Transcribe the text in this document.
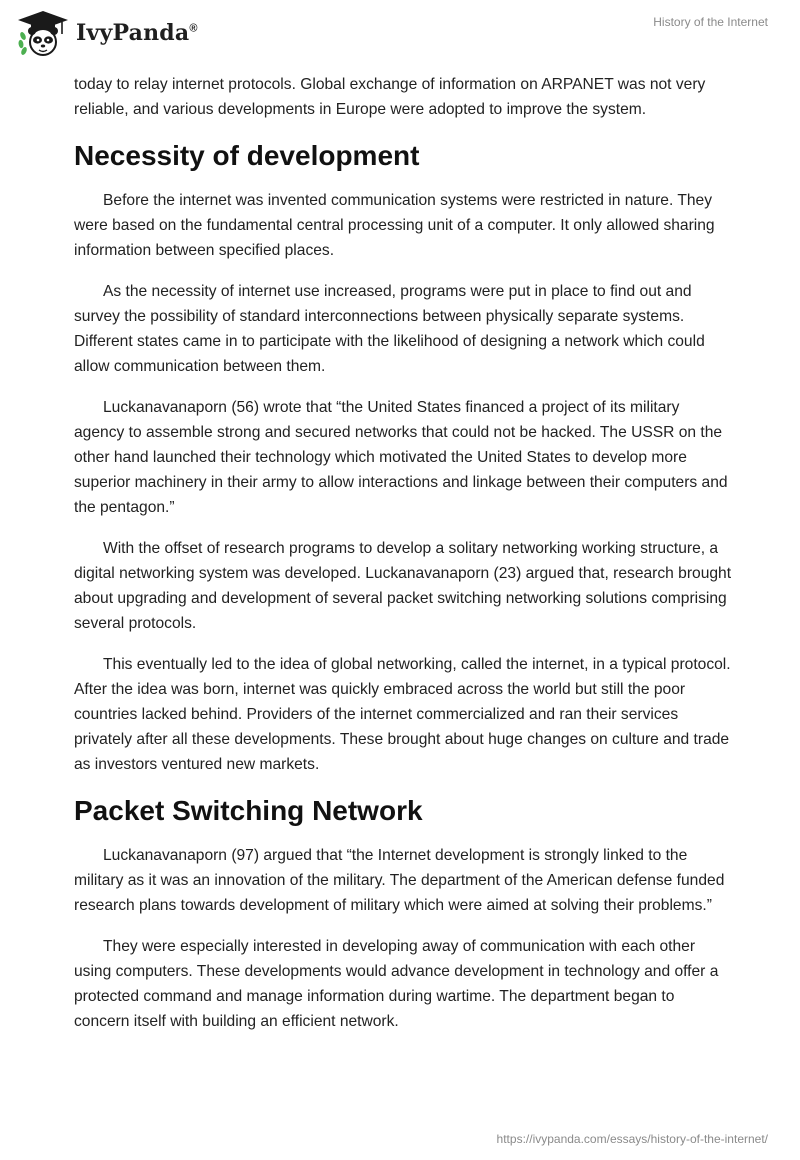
IvyPanda®	History of the Internet

today to relay internet protocols. Global exchange of information on ARPANET was not very reliable, and various developments in Europe were adopted to improve the system.

Necessity of development

Before the internet was invented communication systems were restricted in nature. They were based on the fundamental central processing unit of a computer. It only allowed sharing information between specified places.

As the necessity of internet use increased, programs were put in place to find out and survey the possibility of standard interconnections between physically separate systems. Different states came in to participate with the likelihood of designing a network which could allow communication between them.

Luckanavanaporn (56) wrote that “the United States financed a project of its military agency to assemble strong and secured networks that could not be hacked. The USSR on the other hand launched their technology which motivated the United States to develop more superior machinery in their army to allow interactions and linkage between their computers and the pentagon.”

With the offset of research programs to develop a solitary networking working structure, a digital networking system was developed. Luckanavanaporn (23) argued that, research brought about upgrading and development of several packet switching networking solutions comprising several protocols.

This eventually led to the idea of global networking, called the internet, in a typical protocol. After the idea was born, internet was quickly embraced across the world but still the poor countries lacked behind. Providers of the internet commercialized and ran their services privately after all these developments. These brought about huge changes on culture and trade as investors ventured new markets.

Packet Switching Network

Luckanavanaporn (97) argued that “the Internet development is strongly linked to the military as it was an innovation of the military. The department of the American defense funded research plans towards development of military which were aimed at solving their problems.”

They were especially interested in developing away of communication with each other using computers. These developments would advance development in technology and offer a protected command and manage information during wartime. The department began to concern itself with building an efficient network.

https://ivypanda.com/essays/history-of-the-internet/
